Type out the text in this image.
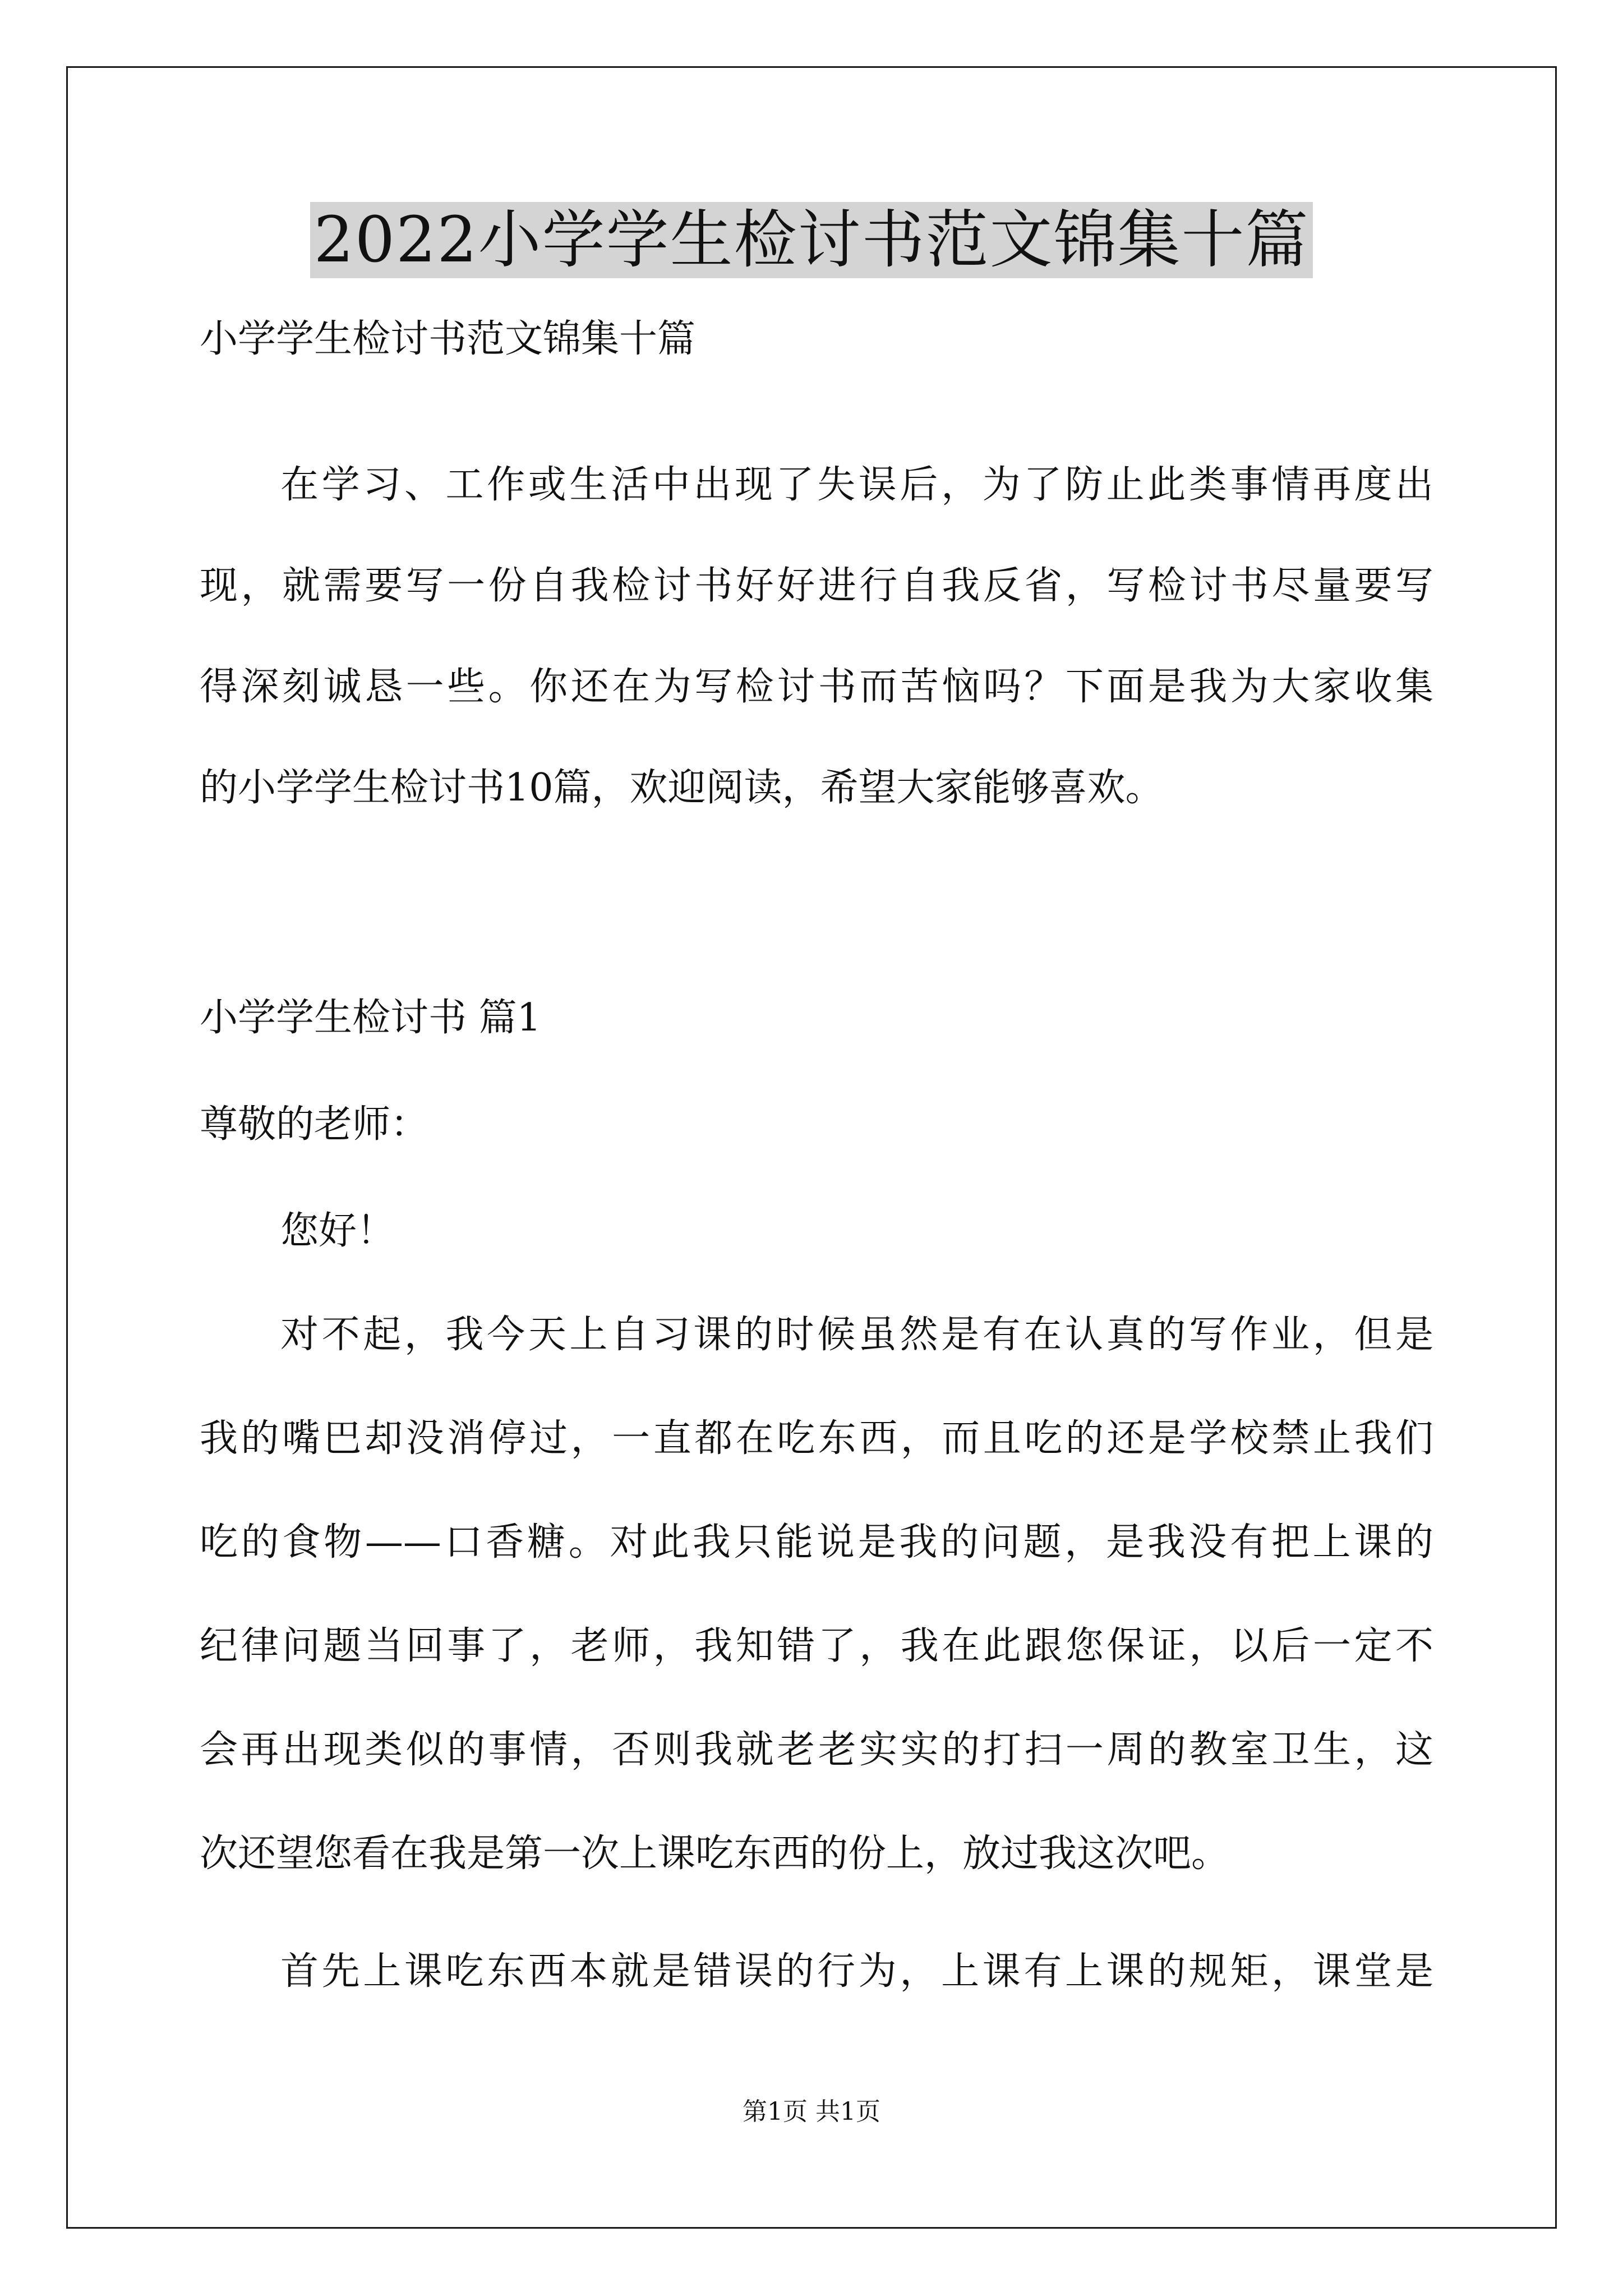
2022小学学生检讨书范文锦集十篇
小学学生检讨书范文锦集十篇
在学习、工作或生活中出现了失误后，为了防止此类事情再度出
现，就需要写一份自我检讨书好好进行自我反省，写检讨书尽量要写
得深刻诚恳一些。你还在为写检讨书而苦恼吗？下面是我为大家收集
的小学学生检讨书10篇，欢迎阅读，希望大家能够喜欢。
小学学生检讨书 篇1
尊敬的老师：
您好！
对不起，我今天上自习课的时候虽然是有在认真的写作业，但是
我的嘴巴却没消停过，一直都在吃东西，而且吃的还是学校禁止我们
吃的食物——口香糖。对此我只能说是我的问题，是我没有把上课的
纪律问题当回事了，老师，我知错了，我在此跟您保证，以后一定不
会再出现类似的事情，否则我就老老实实的打扫一周的教室卫生，这
次还望您看在我是第一次上课吃东西的份上，放过我这次吧。
首先上课吃东西本就是错误的行为，上课有上课的规矩，课堂是
第1页 共1页
